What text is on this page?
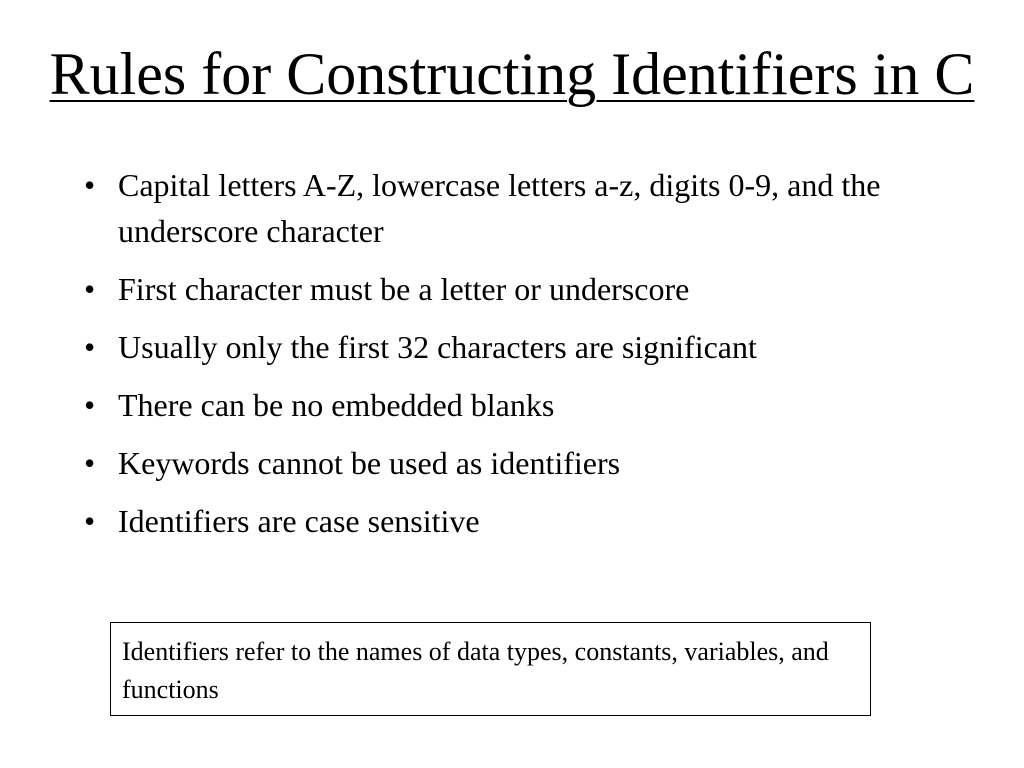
Rules for Constructing Identifiers in C
• Capital letters A-Z, lowercase letters a-z, digits 0-9, and the underscore character
• First character must be a letter or underscore
• Usually only the first 32 characters are significant
• There can be no embedded blanks
• Keywords cannot be used as identifiers
• Identifiers are case sensitive
Identifiers refer to the names of data types, constants, variables, and functions
